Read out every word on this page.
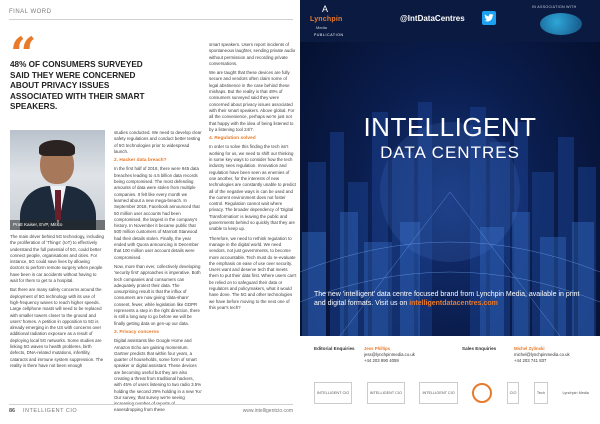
FINAL WORD
“
48% OF CONSUMERS SURVEYED SAID THEY WERE CONCERNED ABOUT PRIVACY ISSUES ASSOCIATED WITH THEIR SMART SPEAKERS.
Pratt Kaiser, EVP, Mitico

The main driver behind 5G technology, including the proliferation of 'Things' (IoT) to effectively understand the full potential of 5G, could better connect people, organisations and cities. For instance, 5G could save lives by allowing doctors to perform remote surgery when people have been in car accidents without having to wait for them to get to a hospital.

But there are many safety concerns around the deployment of 5G technology with its use of high-frequency waves to reach higher speeds. Large cellphone masts will need to be replaced with smaller towers closer to the ground and users' homes. A petition in opposition to 5G is already emerging in the US with concerns over additional radiation exposure as a result of deploying local 5G networks. Some studies are linking 5G waves to health problems, birth defects, DNA-related mutations, infertility, cataracts and immune system suppression. The reality is there have not been enough

studies conducted. We need to develop clear safety regulations and conduct better testing of 5G technologies prior to widespread launch.

2. Hacker data breach?

In the first half of 2018, there were 945 data breaches leading to 4.5 billion data records being compromised. The most defending amounts of data were stolen from multiple companies. It felt like every month we learned about a new mega-breach. In September 2018, Facebook announced that 50 million user accounts had been compromised, the largest in the company's history. In November it became public that 500 million customers of Marriott Starwood had their details stolen. Finally, the year ended with Quora announcing in December that 100 million user account details were compromised.

Now, more than ever, collectively developing 'security first' approaches is imperative. Both tech companies and consumers can adequately protect their data. The unsurprising result is that the influx of consumers are now giving 'data-share' consent, fewer, while legislation like GDPR represents a step in the right direction, there is still a long way to go before we will be finally getting data on gen-up our data.

3. Privacy concerns

Digital assistants like Google Home and Amazon Echo are gaining momentum. Gartner predicts that within four years, a quarter of households, some form of smart speaker or digital assistant. These devices are becoming useful but they are also creating a threat from traditional hackers, with 45% of users listening to two radio 3.5% holding the second 29% holding in a new 'Kx' Our survey, that survey we're seeing eavesdropping from these

smart speakers. Users report incidents of spontaneous laughter, sending private audio without permission and recording private conversations.

We are taught that these devices are fully secure and vendors often claim some of legal abstinence in the case behind these mishaps. But the reality is that 48% of consumers surveyed said they were concerned about privacy issues associated with their smart speakers. Above global. For all the convenience, perhaps we're just not that happy with the idea of being listened to by a listening tool 24/7.

4. Regulation solved

In order to solve this finding the tech isn't working for us, we need to shift our thinking in some key ways to consider how the tech industry sees regulation. Innovation and regulation have been seen as enemies of one another, for the interests of new technologies are constantly unable to predict all of the negative ways in can be used and the current environment does not foster control. Regulation cannot wait where privacy. The broader dependency of 'Digital Transformation' is leaving the public and governments behind so quickly that they are unable to keep up.

Therefore, we need to rethink regulation to manage in the digital world. We need vendors, not just governments, to become more accountable. Tech must do re-evaluate the emphasis on ease of use over security. Users want and deserve tech that meets them to put their data first. Where users can't be relied on to safeguard their data or regulators and policymakers, what it would have done. The 5G and other technologies we have before moving to the next one of this year's tech?

86 INTELLIGENT CIO	www.intelligentcio.com
A
Lynchpin
Media
PUBLICATION
@IntDataCentres
IN ASSOCIATION WITH
INTELLIGENT
DATA CENTRES
The new 'intelligent' data centre focused brand from Lynchpin Media, available in print and digital formats. Visit us on intelligentdatacentres.com
Editorial Enquiries Jess Phillips
jess@lynchpinmedia.co.uk
+44 203 890 4059
Sales Enquiries	Michel Zylinski
michel@lynchpinmedia.co.uk
+44 203 741 837
INTELLIGENT CIO	INTELLIGENT CIO	INTELLIGENT CIO	CIO	Tech	Lynchpin Media
